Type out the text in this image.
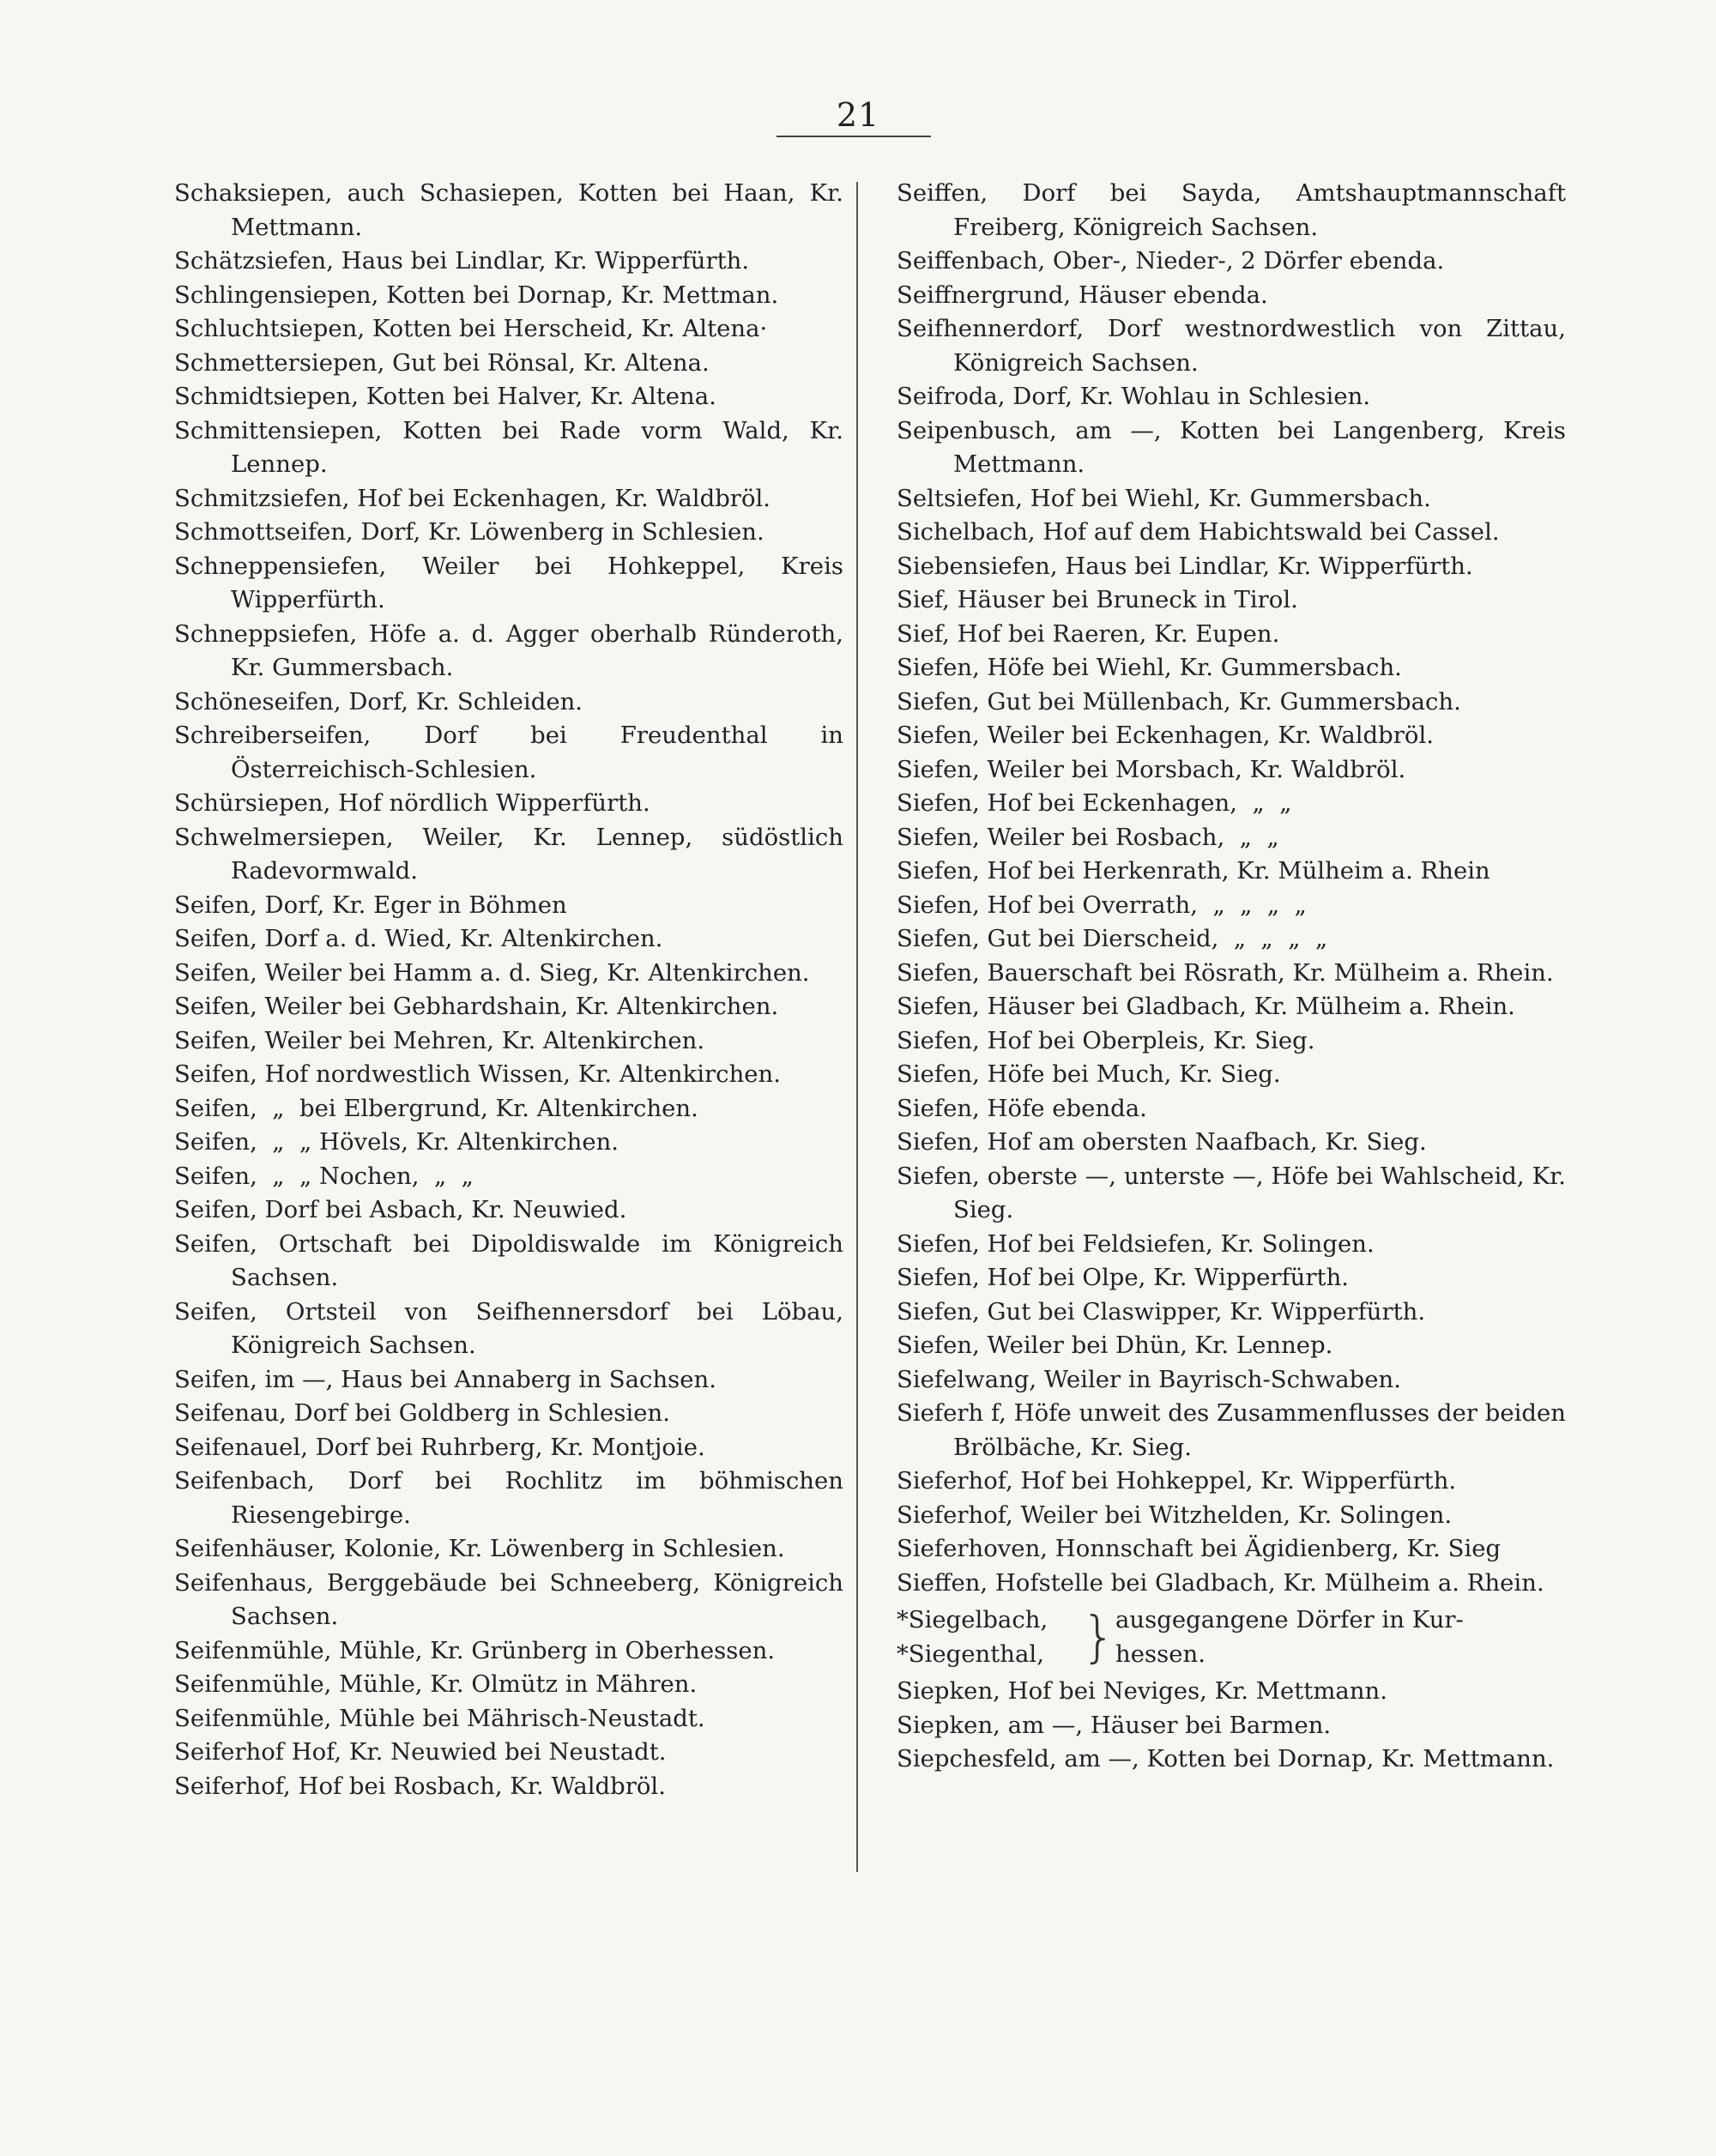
21

Schaksiepen, auch Schasiepen, Kotten bei Haan, Kr. Mettmann.

Schätzsiefen, Haus bei Lindlar, Kr. Wipperfürth.

Schlingensiepen, Kotten bei Dornap, Kr. Mettman.

Schluchtsiepen, Kotten bei Herscheid, Kr. Altena·

Schmettersiepen, Gut bei Rönsal, Kr. Altena.

Schmidtsiepen, Kotten bei Halver, Kr. Altena.

Schmittensiepen, Kotten bei Rade vorm Wald, Kr. Lennep.

Schmitzsiefen, Hof bei Eckenhagen, Kr. Waldbröl.

Schmottseifen, Dorf, Kr. Löwenberg in Schlesien.

Schneppensiefen, Weiler bei Hohkeppel, Kreis Wipperfürth.

Schneppsiefen, Höfe a. d. Agger oberhalb Ründeroth, Kr. Gummersbach.

Schöneseifen, Dorf, Kr. Schleiden.

Schreiberseifen, Dorf bei Freudenthal in Österreichisch-Schlesien.

Schürsiepen, Hof nördlich Wipperfürth.

Schwelmersiepen, Weiler, Kr. Lennep, südöstlich Radevormwald.

Seifen, Dorf, Kr. Eger in Böhmen

Seifen, Dorf a. d. Wied, Kr. Altenkirchen.

Seifen, Weiler bei Hamm a. d. Sieg, Kr. Altenkirchen.

Seifen, Weiler bei Gebhardshain, Kr. Altenkirchen.

Seifen, Weiler bei Mehren, Kr. Altenkirchen.

Seifen, Hof nordwestlich Wissen, Kr. Altenkirchen.

Seifen,  „  bei Elbergrund, Kr. Altenkirchen.

Seifen,  „  „ Hövels, Kr. Altenkirchen.

Seifen,  „  „ Nochen,  „  „

Seifen, Dorf bei Asbach, Kr. Neuwied.

Seifen, Ortschaft bei Dipoldiswalde im Königreich Sachsen.

Seifen, Ortsteil von Seifhennersdorf bei Löbau, Königreich Sachsen.

Seifen, im —, Haus bei Annaberg in Sachsen.

Seifenau, Dorf bei Goldberg in Schlesien.

Seifenauel, Dorf bei Ruhrberg, Kr. Montjoie.

Seifenbach, Dorf bei Rochlitz im böhmischen Riesengebirge.

Seifenhäuser, Kolonie, Kr. Löwenberg in Schlesien.

Seifenhaus, Berggebäude bei Schneeberg, Königreich Sachsen.

Seifenmühle, Mühle, Kr. Grünberg in Oberhessen.

Seifenmühle, Mühle, Kr. Olmütz in Mähren.

Seifenmühle, Mühle bei Mährisch-Neustadt.

Seiferhof Hof, Kr. Neuwied bei Neustadt.

Seiferhof, Hof bei Rosbach, Kr. Waldbröl.

Seiffen, Dorf bei Sayda, Amtshauptmannschaft Freiberg, Königreich Sachsen.

Seiffenbach, Ober-, Nieder-, 2 Dörfer ebenda.

Seiffnergrund, Häuser ebenda.

Seifhennerdorf, Dorf westnordwestlich von Zittau, Königreich Sachsen.

Seifroda, Dorf, Kr. Wohlau in Schlesien.

Seipenbusch, am —, Kotten bei Langenberg, Kreis Mettmann.

Seltsiefen, Hof bei Wiehl, Kr. Gummersbach.

Sichelbach, Hof auf dem Habichtswald bei Cassel.

Siebensiefen, Haus bei Lindlar, Kr. Wipperfürth.

Sief, Häuser bei Bruneck in Tirol.

Sief, Hof bei Raeren, Kr. Eupen.

Siefen, Höfe bei Wiehl, Kr. Gummersbach.

Siefen, Gut bei Müllenbach, Kr. Gummersbach.

Siefen, Weiler bei Eckenhagen, Kr. Waldbröl.

Siefen, Weiler bei Morsbach, Kr. Waldbröl.

Siefen, Hof bei Eckenhagen,  „  „

Siefen, Weiler bei Rosbach,  „  „

Siefen, Hof bei Herkenrath, Kr. Mülheim a. Rhein

Siefen, Hof bei Overrath,  „  „  „  „

Siefen, Gut bei Dierscheid,  „  „  „  „

Siefen, Bauerschaft bei Rösrath, Kr. Mülheim a. Rhein.

Siefen, Häuser bei Gladbach, Kr. Mülheim a. Rhein.

Siefen, Hof bei Oberpleis, Kr. Sieg.

Siefen, Höfe bei Much, Kr. Sieg.

Siefen, Höfe ebenda.

Siefen, Hof am obersten Naafbach, Kr. Sieg.

Siefen, oberste —, unterste —, Höfe bei Wahlscheid, Kr. Sieg.

Siefen, Hof bei Feldsiefen, Kr. Solingen.

Siefen, Hof bei Olpe, Kr. Wipperfürth.

Siefen, Gut bei Claswipper, Kr. Wipperfürth.

Siefen, Weiler bei Dhün, Kr. Lennep.

Siefelwang, Weiler in Bayrisch-Schwaben.

Sieferh f, Höfe unweit des Zusammenflusses der beiden Brölbäche, Kr. Sieg.

Sieferhof, Hof bei Hohkeppel, Kr. Wipperfürth.

Sieferhof, Weiler bei Witzhelden, Kr. Solingen.

Sieferhoven, Honnschaft bei Ägidienberg, Kr. Sieg

Sieffen, Hofstelle bei Gladbach, Kr. Mülheim a. Rhein.

*Siegelbach,
*Siegenthal, } ausgegangene Dörfer in Kur-
hessen.

Siepken, Hof bei Neviges, Kr. Mettmann.

Siepken, am —, Häuser bei Barmen.

Siepchesfeld, am —, Kotten bei Dornap, Kr. Mettmann.
